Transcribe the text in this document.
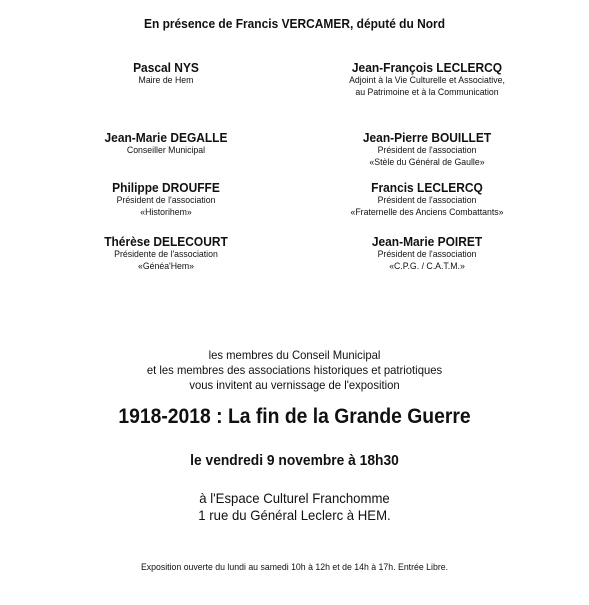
En présence de Francis VERCAMER, député du Nord
Pascal NYS
Maire de Hem
Jean-François LECLERCQ
Adjoint à la Vie Culturelle et Associative,
au Patrimoine et à la Communication
Jean-Marie DEGALLE
Conseiller Municipal
Jean-Pierre BOUILLET
Président de l'association
«Stèle du Général de Gaulle»
Philippe DROUFFE
Président de l'association
«Historihem»
Francis LECLERCQ
Président de l'association
«Fraternelle des Anciens Combattants»
Thérèse DELECOURT
Présidente de l'association
«Généa'Hem»
Jean-Marie POIRET
Président de l'association
«C.P.G. / C.A.T.M.»
les membres du Conseil Municipal
et les membres des associations historiques et patriotiques
vous invitent au vernissage de l'exposition
1918-2018 : La fin de la Grande Guerre
le vendredi 9 novembre à 18h30
à l'Espace Culturel Franchomme
1 rue du Général Leclerc à HEM.
Exposition ouverte du lundi au samedi 10h à 12h et de 14h à 17h. Entrée Libre.
